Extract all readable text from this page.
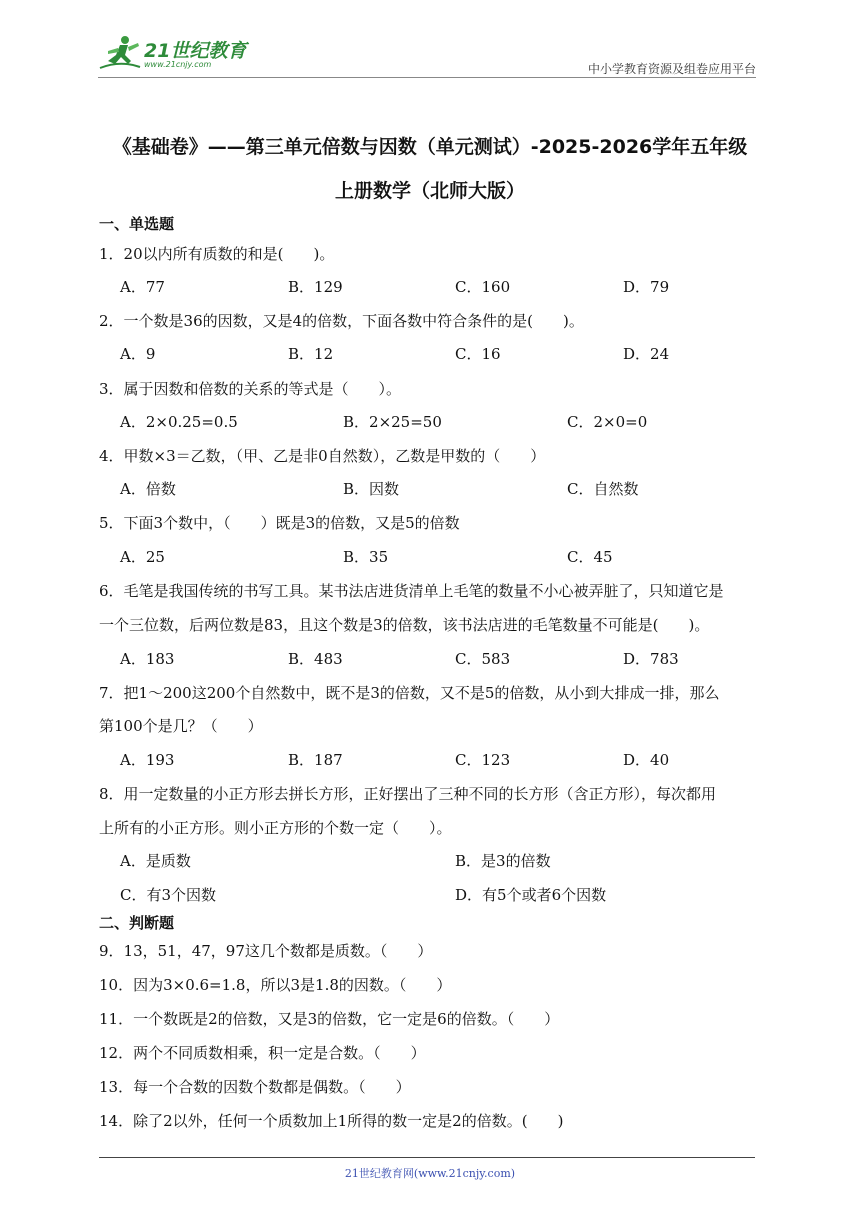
21世纪教育
www.21cnjy.com	中小学教育资源及组卷应用平台
《基础卷》——第三单元倍数与因数（单元测试）-2025-2026学年五年级
上册数学（北师大版）
一、单选题
1．20以内所有质数的和是(　　)。
A．77	B．129	C．160	D．79
2．一个数是36的因数，又是4的倍数，下面各数中符合条件的是(　　)。
A．9	B．12	C．16	D．24
3．属于因数和倍数的关系的等式是（　　）。
A．2×0.25=0.5	B．2×25=50	C．2×0=0
4．甲数×3＝乙数，（甲、乙是非0自然数），乙数是甲数的（　　）
A．倍数	B．因数	C．自然数
5．下面3个数中，（　　）既是3的倍数，又是5的倍数
A．25	B．35	C．45
6．毛笔是我国传统的书写工具。某书法店进货清单上毛笔的数量不小心被弄脏了，只知道它是
一个三位数，后两位数是83，且这个数是3的倍数，该书法店进的毛笔数量不可能是(　　)。
A．183	B．483	C．583	D．783
7．把1～200这200个自然数中，既不是3的倍数，又不是5的倍数，从小到大排成一排，那么
第100个是几？（　　）
A．193	B．187	C．123	D．40
8．用一定数量的小正方形去拼长方形，正好摆出了三种不同的长方形（含正方形），每次都用
上所有的小正方形。则小正方形的个数一定（　　）。
A．是质数	B．是3的倍数
C．有3个因数	D．有5个或者6个因数
二、判断题
9．13，51，47，97这几个数都是质数。（　　）
10．因为3×0.6=1.8，所以3是1.8的因数。（　　）
11．一个数既是2的倍数，又是3的倍数，它一定是6的倍数。（　　）
12．两个不同质数相乘，积一定是合数。（　　）
13．每一个合数的因数个数都是偶数。（　　）
14．除了2以外，任何一个质数加上1所得的数一定是2的倍数。(　　)
21世纪教育网(www.21cnjy.com)
